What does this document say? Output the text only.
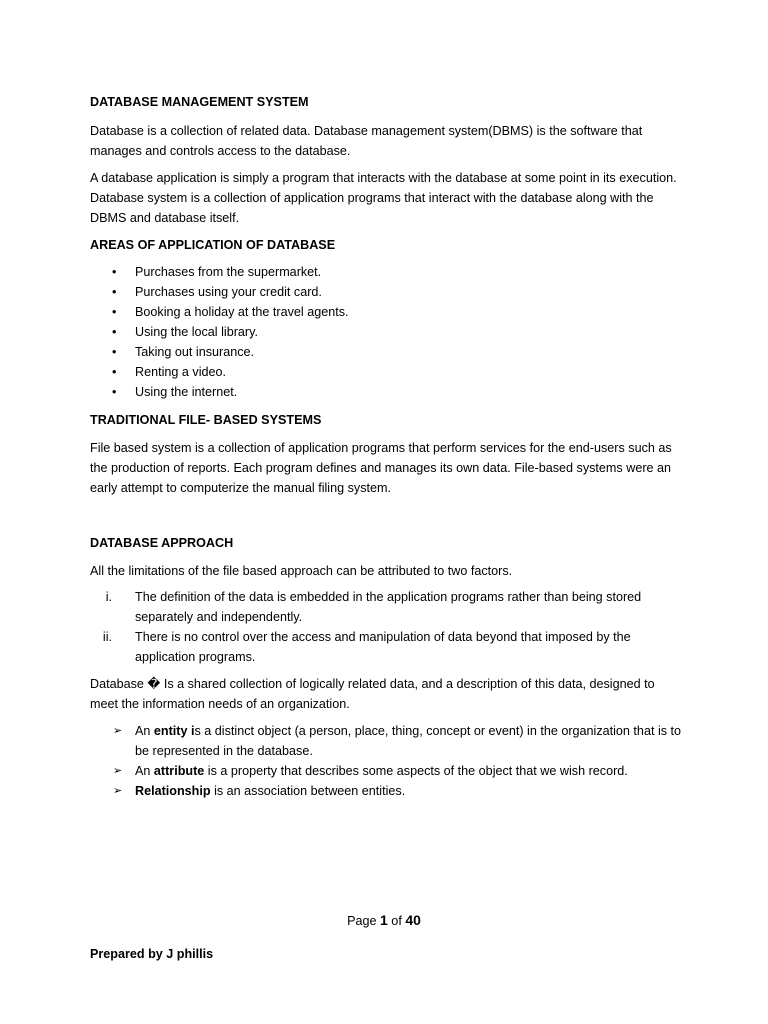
DATABASE MANAGEMENT SYSTEM

Database is a collection of related data. Database management system(DBMS) is the software that manages and controls access to the database.

A database application is simply a program that interacts with the database at some point in its execution. Database system is a collection of application programs that interact with the database along with the DBMS and database itself.

AREAS OF APPLICATION OF DATABASE

• Purchases from the supermarket.
• Purchases using your credit card.
• Booking a holiday at the travel agents.
• Using the local library.
• Taking out insurance.
• Renting a video.
• Using the internet.

TRADITIONAL FILE- BASED SYSTEMS

File based system is a collection of application programs that perform services for the end-users such as the production of reports. Each program defines and manages its own data. File-based systems were an early attempt to computerize the manual filing system.

DATABASE APPROACH

All the limitations of the file based approach can be attributed to two factors.

i. The definition of the data is embedded in the application programs rather than being stored separately and independently.
ii. There is no control over the access and manipulation of data beyond that imposed by the application programs.

Database � Is a shared collection of logically related data, and a description of this data, designed to meet the information needs of an organization.

➢ An entity is a distinct object (a person, place, thing, concept or event) in the organization that is to be represented in the database.
➢ An attribute is a property that describes some aspects of the object that we wish record.
➢ Relationship is an association between entities.
Page 1 of 40
Prepared by J phillis
